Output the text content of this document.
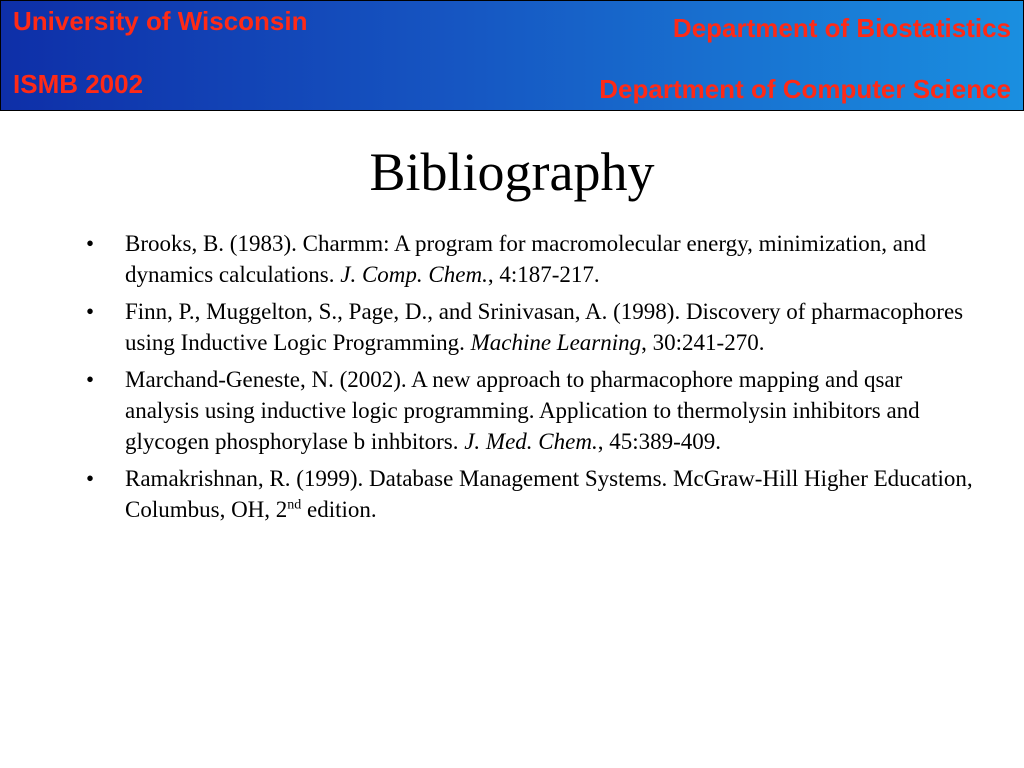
University of Wisconsin
ISMB 2002
Department of Biostatistics
Department of Computer Science
Bibliography
• Brooks, B. (1983). Charmm: A program for macromolecular energy, minimization, and dynamics calculations. J. Comp. Chem., 4:187-217.
• Finn, P., Muggelton, S., Page, D., and Srinivasan, A. (1998). Discovery of pharmacophores using Inductive Logic Programming. Machine Learning, 30:241-270.
• Marchand-Geneste, N. (2002). A new approach to pharmacophore mapping and qsar analysis using inductive logic programming. Application to thermolysin inhibitors and glycogen phosphorylase b inhbitors. J. Med. Chem., 45:389-409.
• Ramakrishnan, R. (1999). Database Management Systems. McGraw-Hill Higher Education, Columbus, OH, 2nd edition.
